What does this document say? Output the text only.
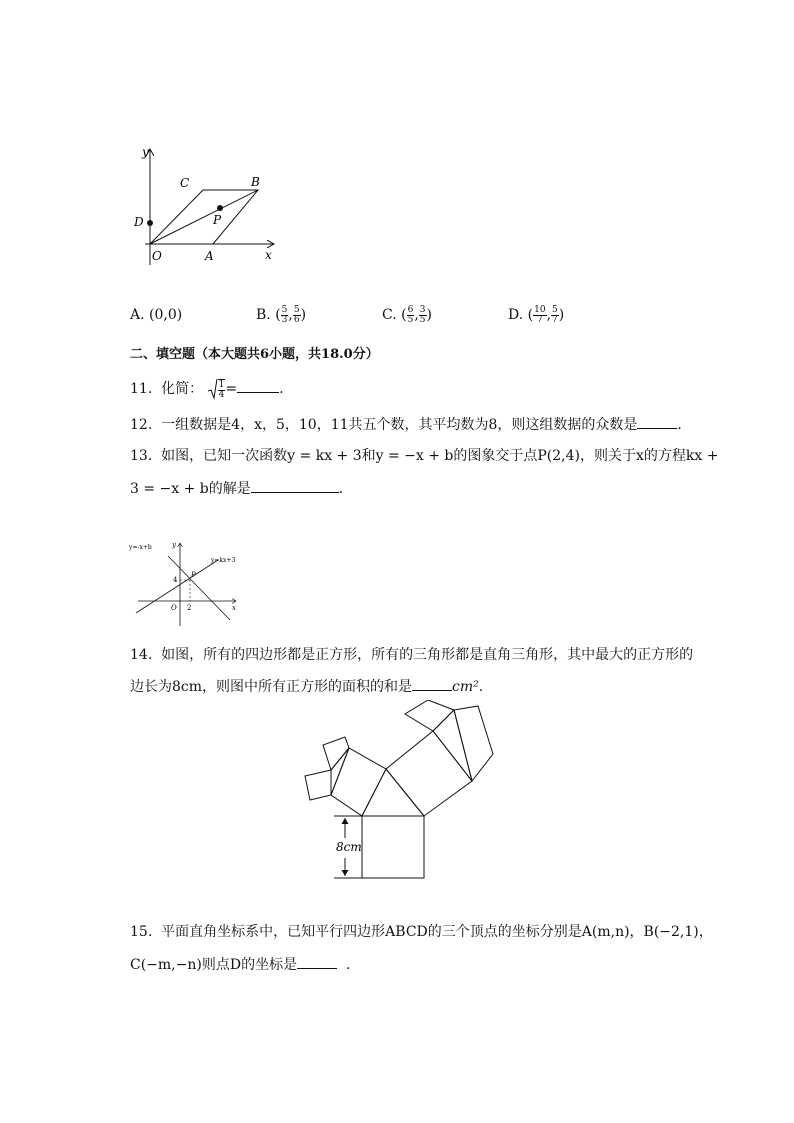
y
x
C	B
D	P
O	A
A. (0,0)	B. ( $\frac{5}{3}$ , $\frac{5}{6}$ )	C. ( $\frac{6}{5}$ , $\frac{3}{5}$ )	D. ( $\frac{10}{7}$ , $\frac{5}{7}$ )
二、填空题（本大题共6小题，共18.0分）
11. 化简： $\frac{1}{4}$ =	.
12. 一组数据是4，x，5，10，11共五个数，其平均数为8，则这组数据的众数是	.
13. 如图，已知一次函数y = kx + 3和y = −x + b的图象交于点P(2,4)，则关于x的方程kx +
3 = −x + b的解是	.
y=-x+b
y=kx+3
y
x
O
P
4
2
14. 如图，所有的四边形都是正方形，所有的三角形都是直角三角形，其中最大的正方形的
边长为8cm，则图中所有正方形的面积的和是	cm².
8cm
15. 平面直角坐标系中，已知平行四边形ABCD的三个顶点的坐标分别是A(m,n)，B(−2,1)，
C(−m,−n)则点D的坐标是	.
